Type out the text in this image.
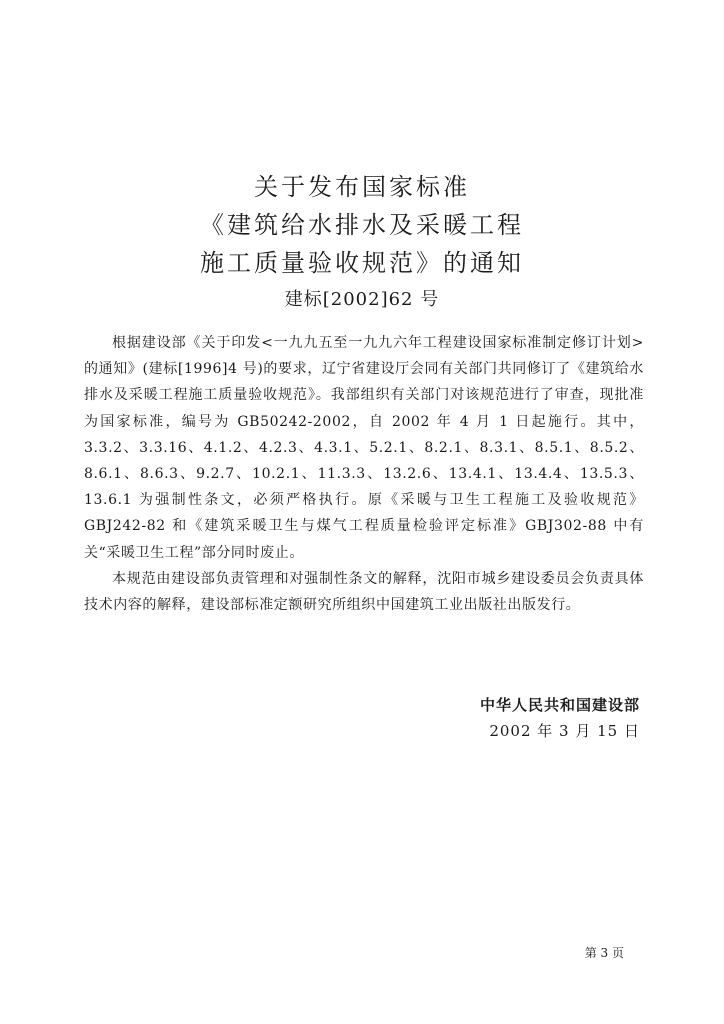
关于发布国家标准
《建筑给水排水及采暖工程
施工质量验收规范》的通知
建标[2002]62 号

根据建设部《关于印发<一九九五至一九九六年工程建设国家标准制定修订计划>的通知》(建标[1996]4 号)的要求，辽宁省建设厅会同有关部门共同修订了《建筑给水排水及采暖工程施工质量验收规范》。我部组织有关部门对该规范进行了审查，现批准为国家标准，编号为 GB50242-2002，自 2002 年 4 月 1 日起施行。其中，3.3.2、3.3.16、4.1.2、4.2.3、4.3.1、5.2.1、8.2.1、8.3.1、8.5.1、8.5.2、8.6.1、8.6.3、9.2.7、10.2.1、11.3.3、13.2.6、13.4.1、13.4.4、13.5.3、13.6.1 为强制性条文，必须严格执行。原《采暖与卫生工程施工及验收规范》GBJ242-82 和《建筑采暖卫生与煤气工程质量检验评定标准》GBJ302-88 中有关“采暖卫生工程”部分同时废止。

本规范由建设部负责管理和对强制性条文的解释，沈阳市城乡建设委员会负责具体技术内容的解释，建设部标准定额研究所组织中国建筑工业出版社出版发行。

中华人民共和国建设部
2002 年 3 月 15 日
第 3 页
